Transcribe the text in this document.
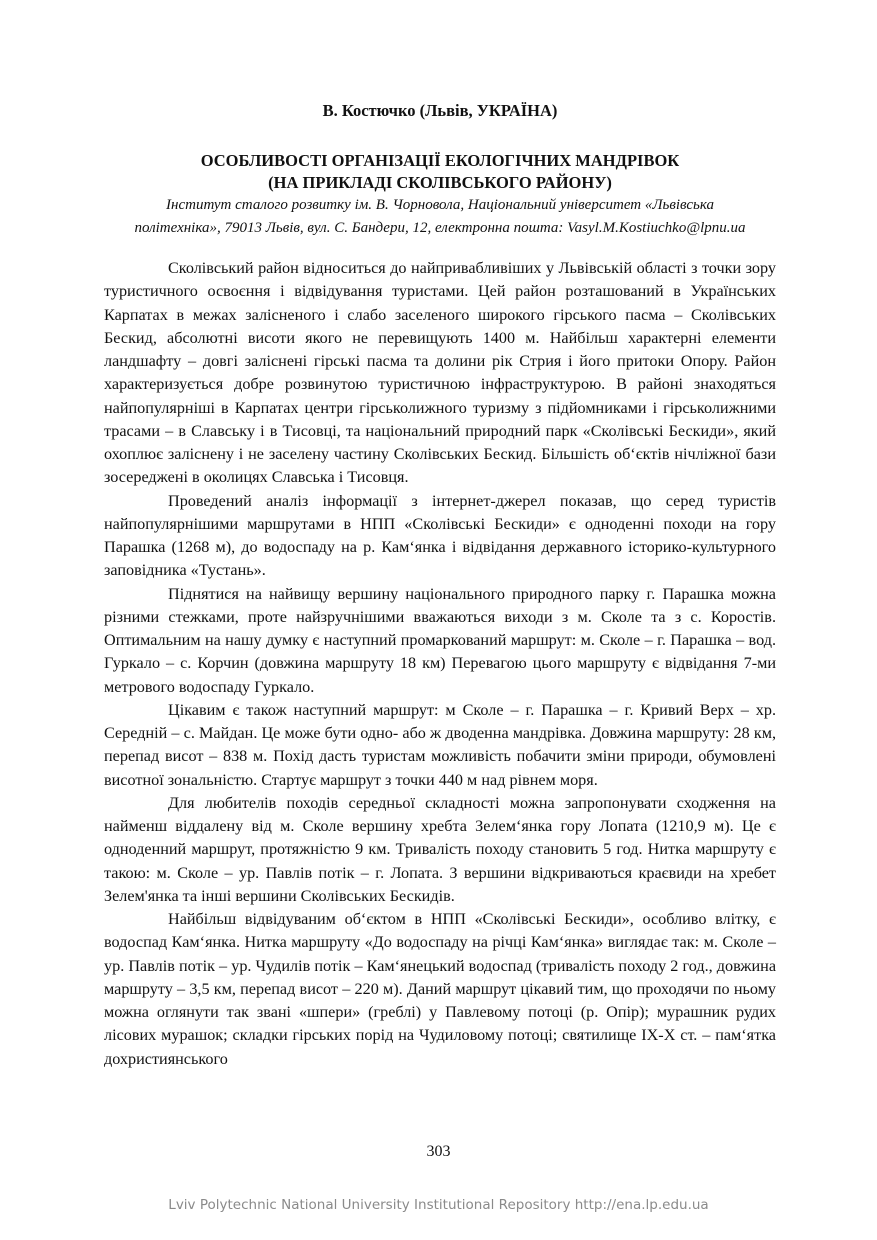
В. Костючко (Львів, УКРАЇНА)

ОСОБЛИВОСТІ ОРГАНІЗАЦІЇ ЕКОЛОГІЧНИХ МАНДРІВОК

(НА ПРИКЛАДІ СКОЛІВСЬКОГО РАЙОНУ)

Інститут сталого розвитку ім. В. Чорновола, Національний університет «Львівська
політехніка», 79013 Львів, вул. С. Бандери, 12, електронна пошта: Vasyl.M.Kostiuchko@lpnu.ua

Сколівський район відноситься до найпривабливіших у Львівській області з точки зору туристичного освоєння і відвідування туристами. Цей район розташований в Українських Карпатах в межах залісненого і слабо заселеного широкого гірського пасма – Сколівських Бескид, абсолютні висоти якого не перевищують 1400 м. Найбільш характерні елементи ландшафту – довгі заліснені гірські пасма та долини рік Стрия і його притоки Опору. Район характеризується добре розвинутою туристичною інфраструктурою. В районі знаходяться найпопулярніші в Карпатах центри гірськолижного туризму з підйомниками і гірськолижними трасами – в Славську і в Тисовці, та національний природний парк «Сколівські Бескиди», який охоплює заліснену і не заселену частину Сколівських Бескид. Більшість об‘єктів нічліжної бази зосереджені в околицях Славська і Тисовця.

Проведений аналіз інформації з інтернет-джерел показав, що серед туристів найпопулярнішими маршрутами в НПП «Сколівські Бескиди» є одноденні походи на гору Парашка (1268 м), до водоспаду на р. Кам‘янка і відвідання державного історико-культурного заповідника «Тустань».

Піднятися на найвищу вершину національного природного парку г. Парашка можна різними стежками, проте найзручнішими вважаються виходи з м. Сколе та з с. Коростів. Оптимальним на нашу думку є наступний промаркований маршрут: м. Сколе – г. Парашка – вод. Гуркало – с. Корчин (довжина маршруту 18 км) Перевагою цього маршруту є відвідання 7-ми метрового водоспаду Гуркало.

Цікавим є також наступний маршрут: м Сколе – г. Парашка – г. Кривий Верх – хр. Середній – с. Майдан. Це може бути одно- або ж дводенна мандрівка. Довжина маршруту: 28 км, перепад висот – 838 м. Похід дасть туристам можливість побачити зміни природи, обумовлені висотної зональністю. Стартує маршрут з точки 440 м над рівнем моря.

Для любителів походів середньої складності можна запропонувати сходження на найменш віддалену від м. Сколе вершину хребта Зелем‘янка гору Лопата (1210,9 м). Це є одноденний маршрут, протяжністю 9 км. Тривалість походу становить 5 год. Нитка маршруту є такою: м. Сколе – ур. Павлів потік – г. Лопата. З вершини відкриваються краєвиди на хребет Зелем'янка та інші вершини Сколівських Бескидів.

Найбільш відвідуваним об‘єктом в НПП «Сколівські Бескиди», особливо влітку, є водоспад Кам‘янка. Нитка маршруту «До водоспаду на річці Кам‘янка» виглядає так: м. Сколе – ур. Павлів потік – ур. Чудилів потік – Кам‘янецький водоспад (тривалість походу 2 год., довжина маршруту – 3,5 км, перепад висот – 220 м). Даний маршрут цікавий тим, що проходячи по ньому можна оглянути так звані «шпери» (греблі) у Павлевому потоці (р. Опір); мурашник рудих лісових мурашок; складки гірських порід на Чудиловому потоці; святилище IX-X ст. – пам‘ятка дохристиянського

303
Lviv Polytechnic National University Institutional Repository http://ena.lp.edu.ua
